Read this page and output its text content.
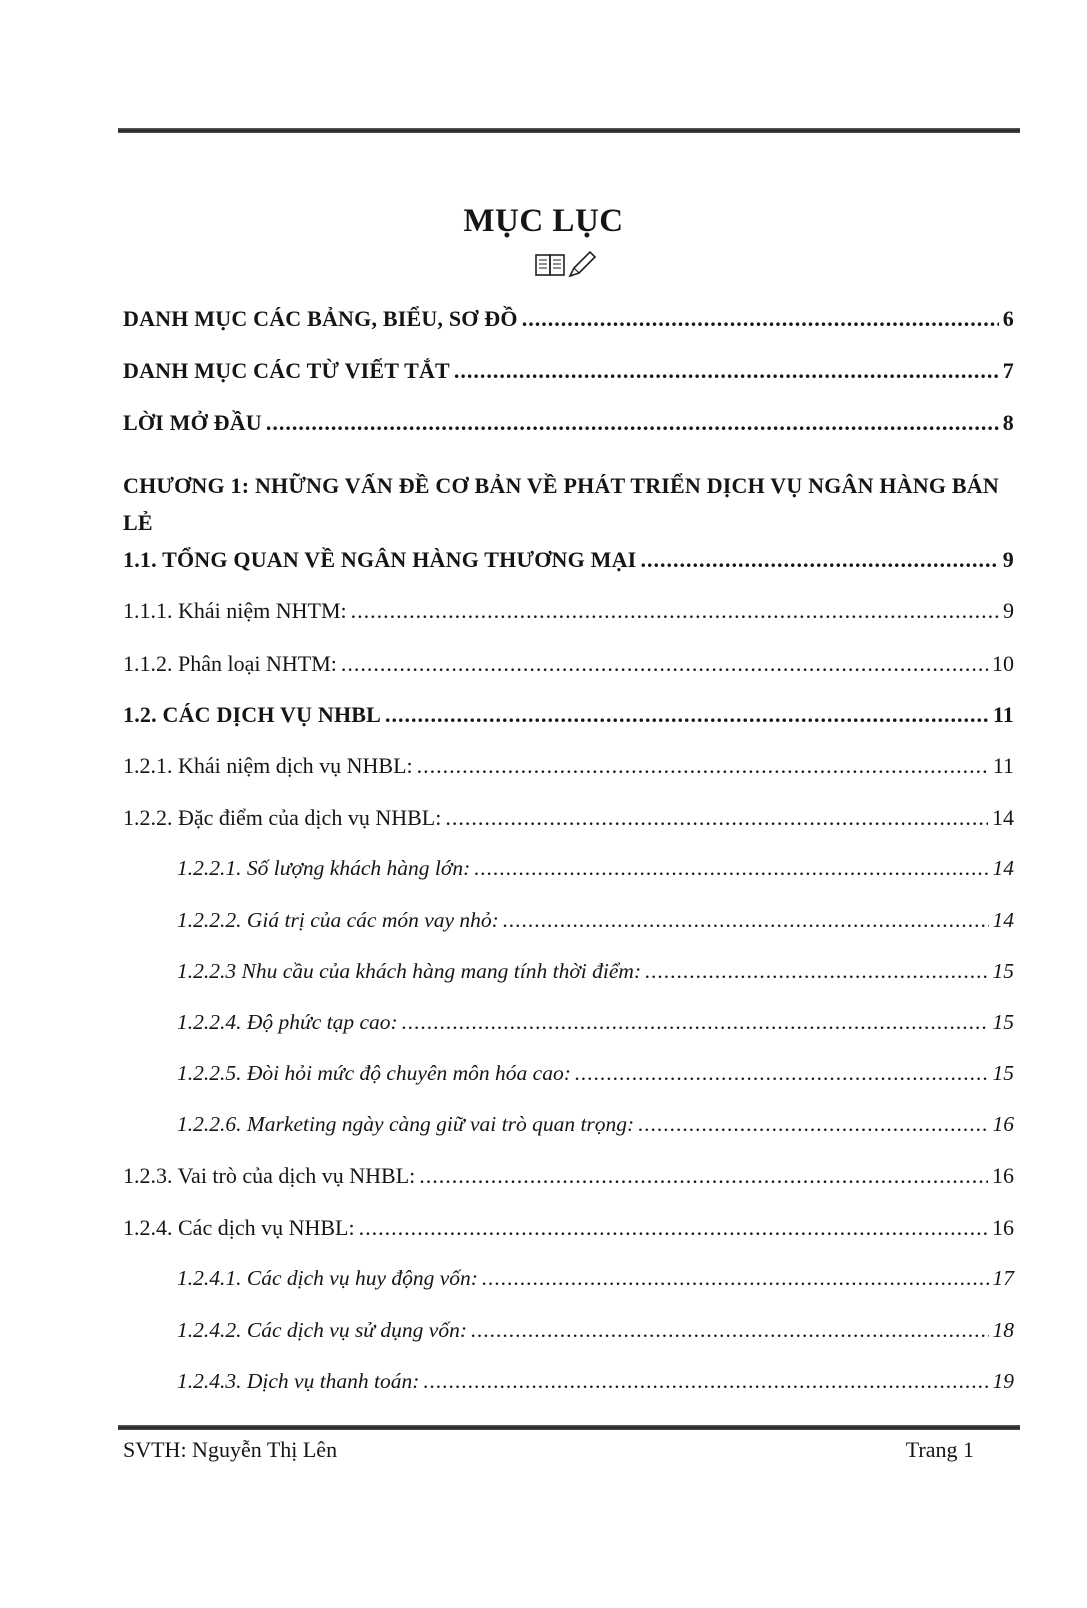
MỤC LỤC
DANH MỤC CÁC BẢNG, BIỂU, SƠ ĐỒ .....	6
DANH MỤC CÁC TỪ VIẾT TẮT .....	7
LỜI MỞ ĐẦU .....	8
CHƯƠNG 1: NHỮNG VẤN ĐỀ CƠ BẢN VỀ PHÁT TRIỂN DỊCH VỤ NGÂN HÀNG BÁN LẺ
1.1. TỔNG QUAN VỀ NGÂN HÀNG THƯƠNG MẠI .....	9
1.1.1. Khái niệm NHTM: .....	9
1.1.2. Phân loại NHTM: .....	10
1.2. CÁC DỊCH VỤ NHBL .....	11
1.2.1. Khái niệm dịch vụ NHBL: .....	11
1.2.2. Đặc điểm của dịch vụ NHBL: .....	14
1.2.2.1. Số lượng khách hàng lớn: .....	14
1.2.2.2. Giá trị của các món vay nhỏ: .....	14
1.2.2.3 Nhu cầu của khách hàng mang tính thời điểm: .....	15
1.2.2.4. Độ phức tạp cao: .....	15
1.2.2.5. Đòi hỏi mức độ chuyên môn hóa cao: .....	15
1.2.2.6. Marketing ngày càng giữ vai trò quan trọng: .....	16
1.2.3. Vai trò của dịch vụ NHBL: .....	16
1.2.4. Các dịch vụ NHBL: .....	16
1.2.4.1. Các dịch vụ huy động vốn: .....	17
1.2.4.2. Các dịch vụ sử dụng vốn: .....	18
1.2.4.3. Dịch vụ thanh toán: .....	19
SVTH: Nguyễn Thị Lên	Trang 1
